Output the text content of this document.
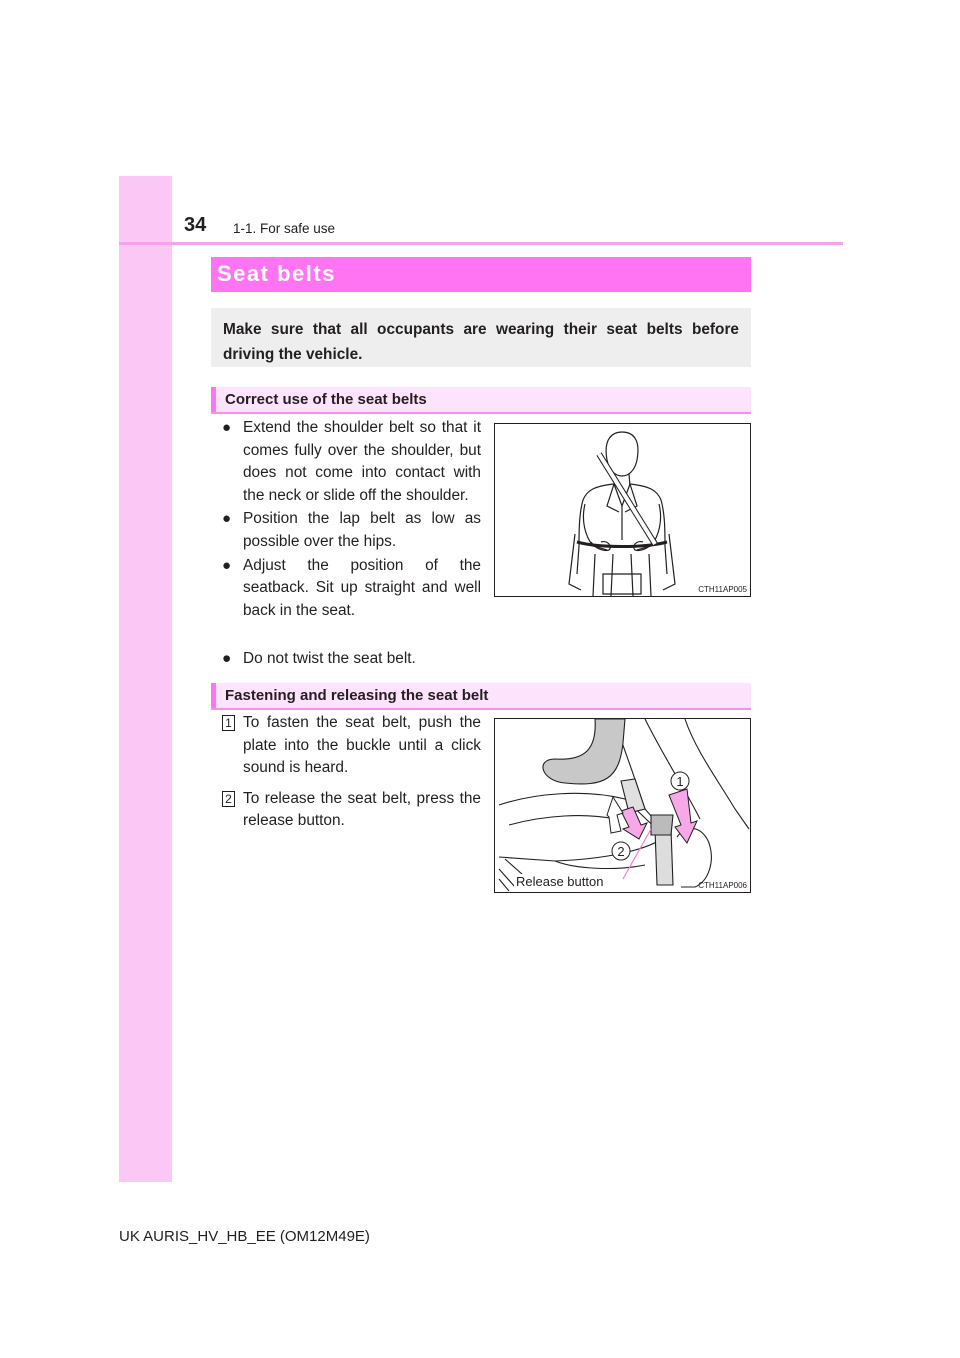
34 1-1. For safe use
Seat belts
Make sure that all occupants are wearing their seat belts before driving the vehicle.
Correct use of the seat belts
● Extend the shoulder belt so that it comes fully over the shoulder, but does not come into contact with the neck or slide off the shoulder.
● Position the lap belt as low as possible over the hips.
● Adjust the position of the seatback. Sit up straight and well back in the seat.
● Do not twist the seat belt.
CTH11AP005
Fastening and releasing the seat belt
1 To fasten the seat belt, push the plate into the buckle until a click sound is heard.
2 To release the seat belt, press the release button.
1
2
Release button	CTH11AP006
UK AURIS_HV_HB_EE (OM12M49E)
